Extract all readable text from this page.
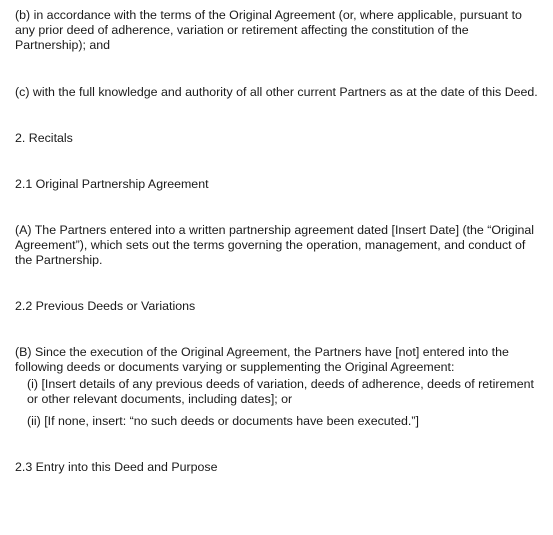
(b) in accordance with the terms of the Original Agreement (or, where applicable, pursuant to any prior deed of adherence, variation or retirement affecting the constitution of the Partnership); and

(c) with the full knowledge and authority of all other current Partners as at the date of this Deed.

2. Recitals

2.1 Original Partnership Agreement

(A) The Partners entered into a written partnership agreement dated [Insert Date] (the “Original Agreement”), which sets out the terms governing the operation, management, and conduct of the Partnership.

2.2 Previous Deeds or Variations

(B) Since the execution of the Original Agreement, the Partners have [not] entered into the following deeds or documents varying or supplementing the Original Agreement:

(i) [Insert details of any previous deeds of variation, deeds of adherence, deeds of retirement or other relevant documents, including dates]; or

(ii) [If none, insert: “no such deeds or documents have been executed.”]

2.3 Entry into this Deed and Purpose
